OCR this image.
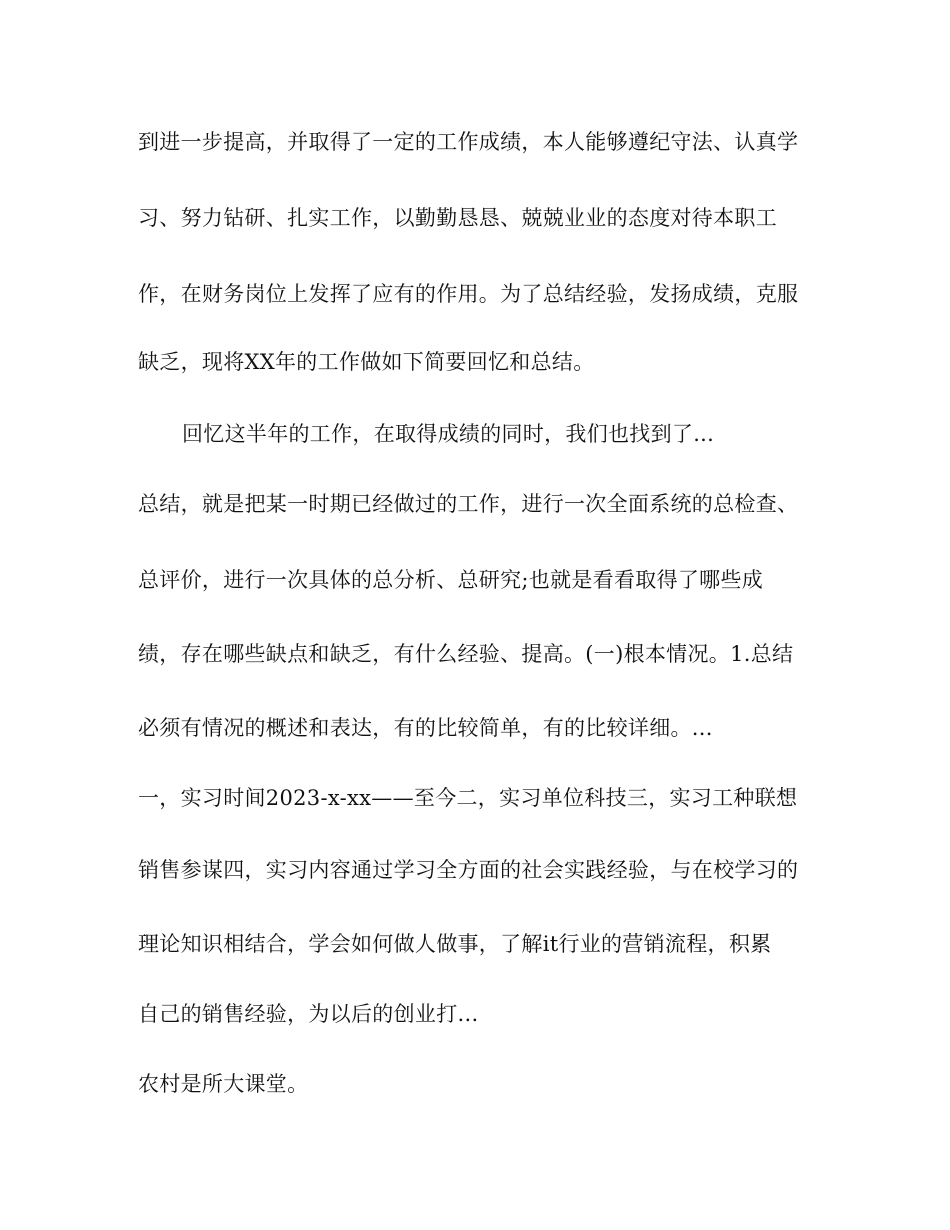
到进一步提高，并取得了一定的工作成绩，本人能够遵纪守法、认真学
习、努力钻研、扎实工作，以勤勤恳恳、兢兢业业的态度对待本职工
作，在财务岗位上发挥了应有的作用。为了总结经验，发扬成绩，克服
缺乏，现将XX年的工作做如下简要回忆和总结。
回忆这半年的工作，在取得成绩的同时，我们也找到了...
总结，就是把某一时期已经做过的工作，进行一次全面系统的总检查、
总评价，进行一次具体的总分析、总研究;也就是看看取得了哪些成
绩，存在哪些缺点和缺乏，有什么经验、提高。(一)根本情况。1.总结
必须有情况的概述和表达，有的比较简单，有的比较详细。...
一，实习时间2023-x-xx——至今二，实习单位科技三，实习工种联想
销售参谋四，实习内容通过学习全方面的社会实践经验，与在校学习的
理论知识相结合，学会如何做人做事，了解it行业的营销流程，积累
自己的销售经验，为以后的创业打...
农村是所大课堂。
